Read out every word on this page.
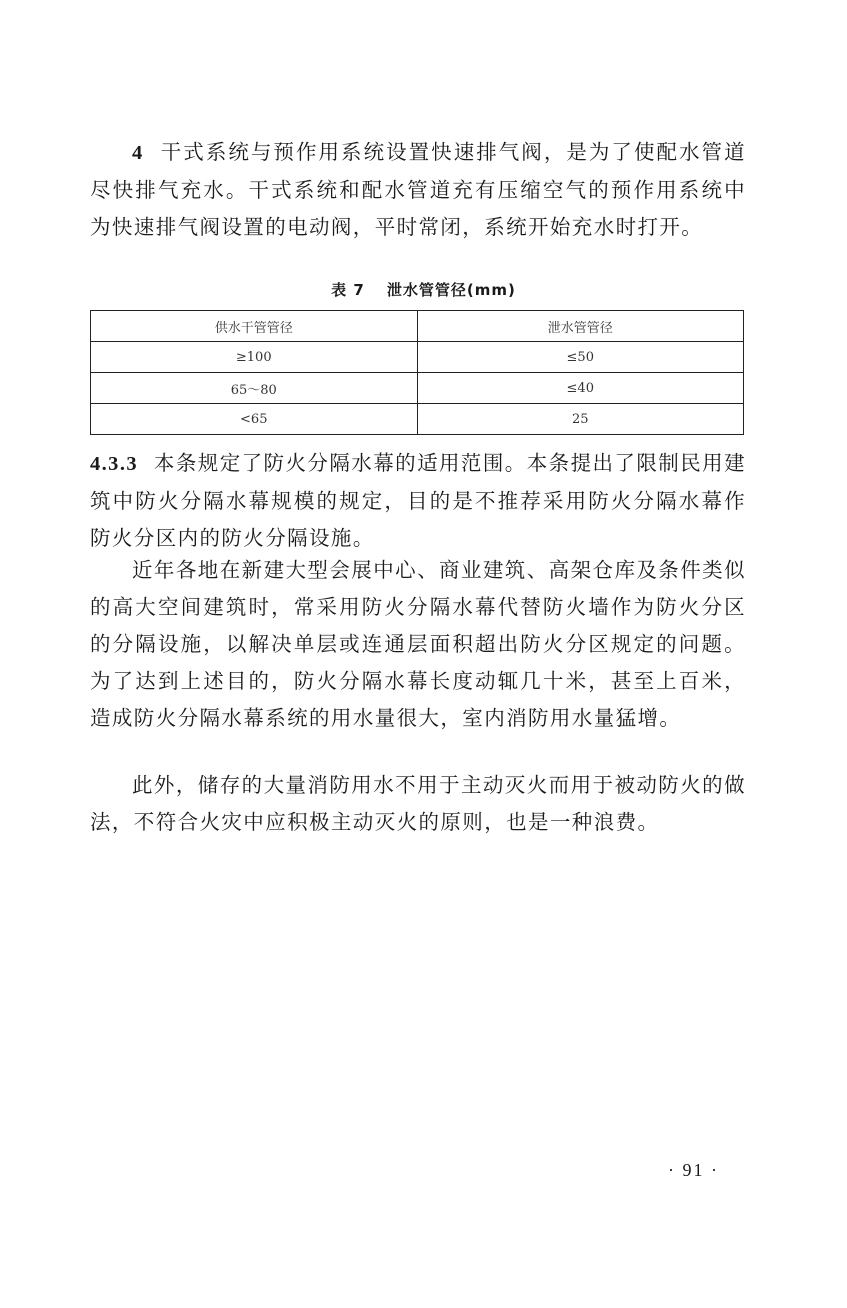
4 干式系统与预作用系统设置快速排气阀，是为了使配水管道尽快排气充水。干式系统和配水管道充有压缩空气的预作用系统中为快速排气阀设置的电动阀，平时常闭，系统开始充水时打开。

表 7 泄水管管径(mm)
供水干管管径	泄水管管径
≥100	≤50
65～80	≤40
<65	25

4.3.3 本条规定了防火分隔水幕的适用范围。本条提出了限制民用建筑中防火分隔水幕规模的规定，目的是不推荐采用防火分隔水幕作防火分区内的防火分隔设施。

近年各地在新建大型会展中心、商业建筑、高架仓库及条件类似的高大空间建筑时，常采用防火分隔水幕代替防火墙作为防火分区的分隔设施，以解决单层或连通层面积超出防火分区规定的问题。为了达到上述目的，防火分隔水幕长度动辄几十米，甚至上百米，造成防火分隔水幕系统的用水量很大，室内消防用水量猛增。

此外，储存的大量消防用水不用于主动灭火而用于被动防火的做法，不符合火灾中应积极主动灭火的原则，也是一种浪费。

· 91 ·
